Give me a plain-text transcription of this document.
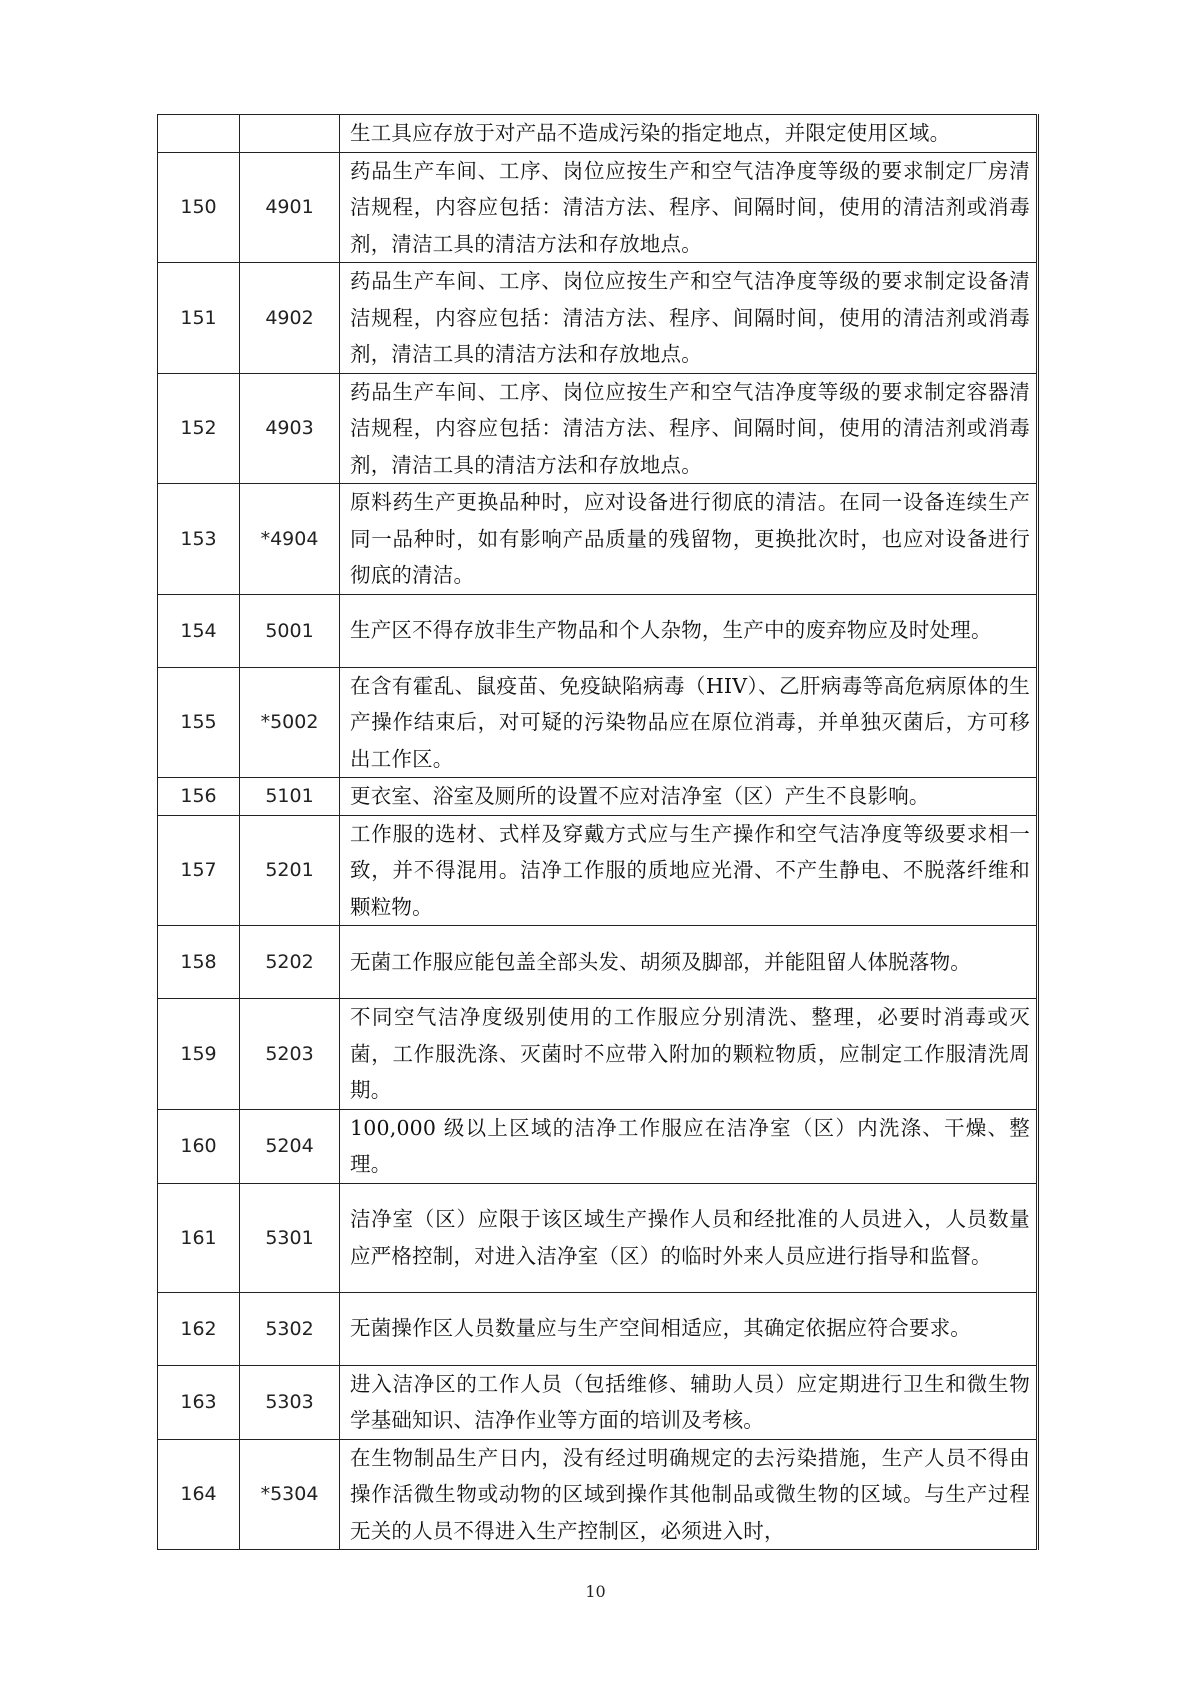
		生工具应存放于对产品不造成污染的指定地点，并限定使用区域。
150	4901	药品生产车间、工序、岗位应按生产和空气洁净度等级的要求制定厂房清洁规程，内容应包括：清洁方法、程序、间隔时间，使用的清洁剂或消毒剂，清洁工具的清洁方法和存放地点。
151	4902	药品生产车间、工序、岗位应按生产和空气洁净度等级的要求制定设备清洁规程，内容应包括：清洁方法、程序、间隔时间，使用的清洁剂或消毒剂，清洁工具的清洁方法和存放地点。
152	4903	药品生产车间、工序、岗位应按生产和空气洁净度等级的要求制定容器清洁规程，内容应包括：清洁方法、程序、间隔时间，使用的清洁剂或消毒剂，清洁工具的清洁方法和存放地点。
153	*4904	原料药生产更换品种时，应对设备进行彻底的清洁。在同一设备连续生产同一品种时，如有影响产品质量的残留物，更换批次时，也应对设备进行彻底的清洁。
154	5001	生产区不得存放非生产物品和个人杂物，生产中的废弃物应及时处理。
155	*5002	在含有霍乱、鼠疫苗、免疫缺陷病毒（HIV）、乙肝病毒等高危病原体的生产操作结束后，对可疑的污染物品应在原位消毒，并单独灭菌后，方可移出工作区。
156	5101	更衣室、浴室及厕所的设置不应对洁净室（区）产生不良影响。
157	5201	工作服的选材、式样及穿戴方式应与生产操作和空气洁净度等级要求相一致，并不得混用。洁净工作服的质地应光滑、不产生静电、不脱落纤维和颗粒物。
158	5202	无菌工作服应能包盖全部头发、胡须及脚部，并能阻留人体脱落物。
159	5203	不同空气洁净度级别使用的工作服应分别清洗、整理，必要时消毒或灭菌，工作服洗涤、灭菌时不应带入附加的颗粒物质，应制定工作服清洗周期。
160	5204	100,000 级以上区域的洁净工作服应在洁净室（区）内洗涤、干燥、整理。
161	5301	洁净室（区）应限于该区域生产操作人员和经批准的人员进入，人员数量应严格控制，对进入洁净室（区）的临时外来人员应进行指导和监督。
162	5302	无菌操作区人员数量应与生产空间相适应，其确定依据应符合要求。
163	5303	进入洁净区的工作人员（包括维修、辅助人员）应定期进行卫生和微生物学基础知识、洁净作业等方面的培训及考核。
164	*5304	在生物制品生产日内，没有经过明确规定的去污染措施，生产人员不得由操作活微生物或动物的区域到操作其他制品或微生物的区域。与生产过程无关的人员不得进入生产控制区，必须进入时，
10
